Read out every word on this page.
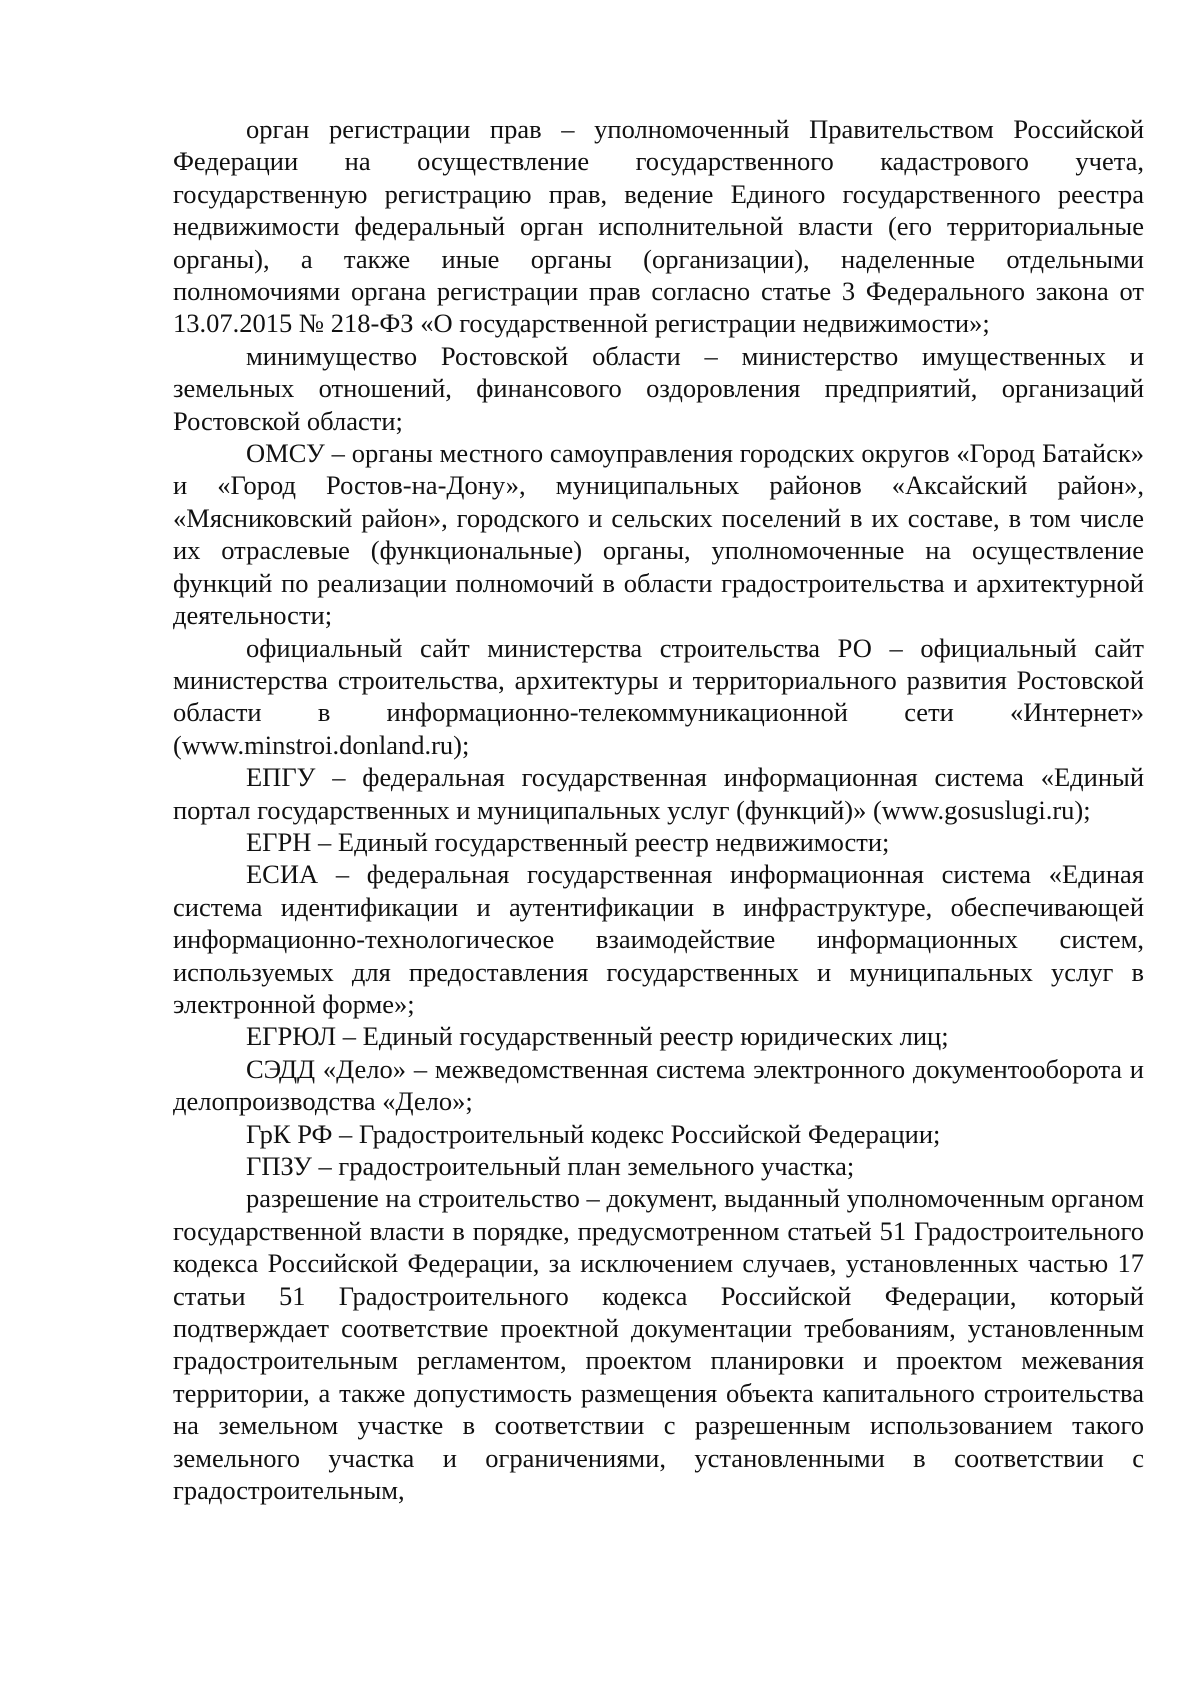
орган регистрации прав – уполномоченный Правительством Российской Федерации на осуществление государственного кадастрового учета, государственную регистрацию прав, ведение Единого государственного реестра недвижимости федеральный орган исполнительной власти (его территориальные органы), а также иные органы (организации), наделенные отдельными полномочиями органа регистрации прав согласно статье 3 Федерального закона от 13.07.2015 № 218-ФЗ «О государственной регистрации недвижимости»;

минимущество Ростовской области – министерство имущественных и земельных отношений, финансового оздоровления предприятий, организаций Ростовской области;

ОМСУ – органы местного самоуправления городских округов «Город Батайск» и «Город Ростов-на-Дону», муниципальных районов «Аксайский район», «Мясниковский район», городского и сельских поселений в их составе, в том числе их отраслевые (функциональные) органы, уполномоченные на осуществление функций по реализации полномочий в области градостроительства и архитектурной деятельности;

официальный сайт министерства строительства РО – официальный сайт министерства строительства, архитектуры и территориального развития Ростовской области в информационно-телекоммуникационной сети «Интернет» (www.minstroi.donland.ru);

ЕПГУ – федеральная государственная информационная система «Единый портал государственных и муниципальных услуг (функций)» (www.gosuslugi.ru);

ЕГРН – Единый государственный реестр недвижимости;

ЕСИА – федеральная государственная информационная система «Единая система идентификации и аутентификации в инфраструктуре, обеспечивающей информационно-технологическое взаимодействие информационных систем, используемых для предоставления государственных и муниципальных услуг в электронной форме»;

ЕГРЮЛ – Единый государственный реестр юридических лиц;

СЭДД «Дело» – межведомственная система электронного документооборота и делопроизводства «Дело»;

ГрК РФ – Градостроительный кодекс Российской Федерации;

ГПЗУ – градостроительный план земельного участка;

разрешение на строительство – документ, выданный уполномоченным органом государственной власти в порядке, предусмотренном статьей 51 Градостроительного кодекса Российской Федерации, за исключением случаев, установленных частью 17 статьи 51 Градостроительного кодекса Российской Федерации, который подтверждает соответствие проектной документации требованиям, установленным градостроительным регламентом, проектом планировки и проектом межевания территории, а также допустимость размещения объекта капитального строительства на земельном участке в соответствии с разрешенным использованием такого земельного участка и ограничениями, установленными в соответствии с градостроительным,
